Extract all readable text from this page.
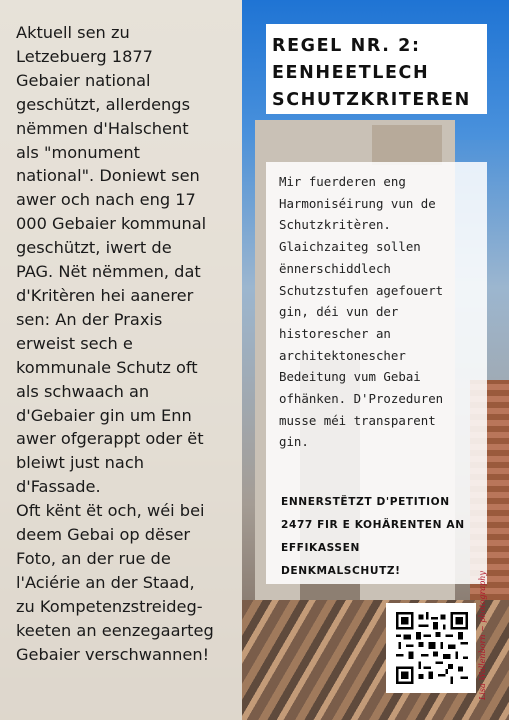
Aktuell sen zu
Letzebuerg 1877
Gebaier national
geschützt, allerdengs
nëmmen d'Halschent
als "monument
national". Doniewt sen
awer och nach eng 17
000 Gebaier kommunal
geschützt, iwert de
PAG. Nët nëmmen, dat
d'Kritèren hei aanerer
sen: An der Praxis
erweist sech e
kommunale Schutz oft
als schwaach an
d'Gebaier gin um Enn
awer ofgerappt oder ët
bleiwt just nach
d'Fassade.
Oft kënt ët och, wéi bei
deem Gebai op dëser
Foto, an der rue de
l'Aciérie an der Staad,
zu Kompetenzstreideg-
keeten an eenzegaarteg
Gebaier verschwannen!
REGEL NR. 2:
EENHEETLECH
SCHUTZKRITEREN
Mir fuerderen eng
Harmoniséirung vun de
Schutzkritèren.
Glaichzaiteg sollen
ënnerschiddlech
Schutzstufen agefouert
gin, déi vun der
historescher an
architektonescher
Bedeitung vum Gebai
ofhänken. D'Prozeduren
musse méi transparent
gin.
ENNERSTËTZT D'PETITION
2477 FIR E KOHÄRENTEN AN
EFFIKASSEN
DENKMALSCHUTZ!
Lisa Wallenborn ~ photography
